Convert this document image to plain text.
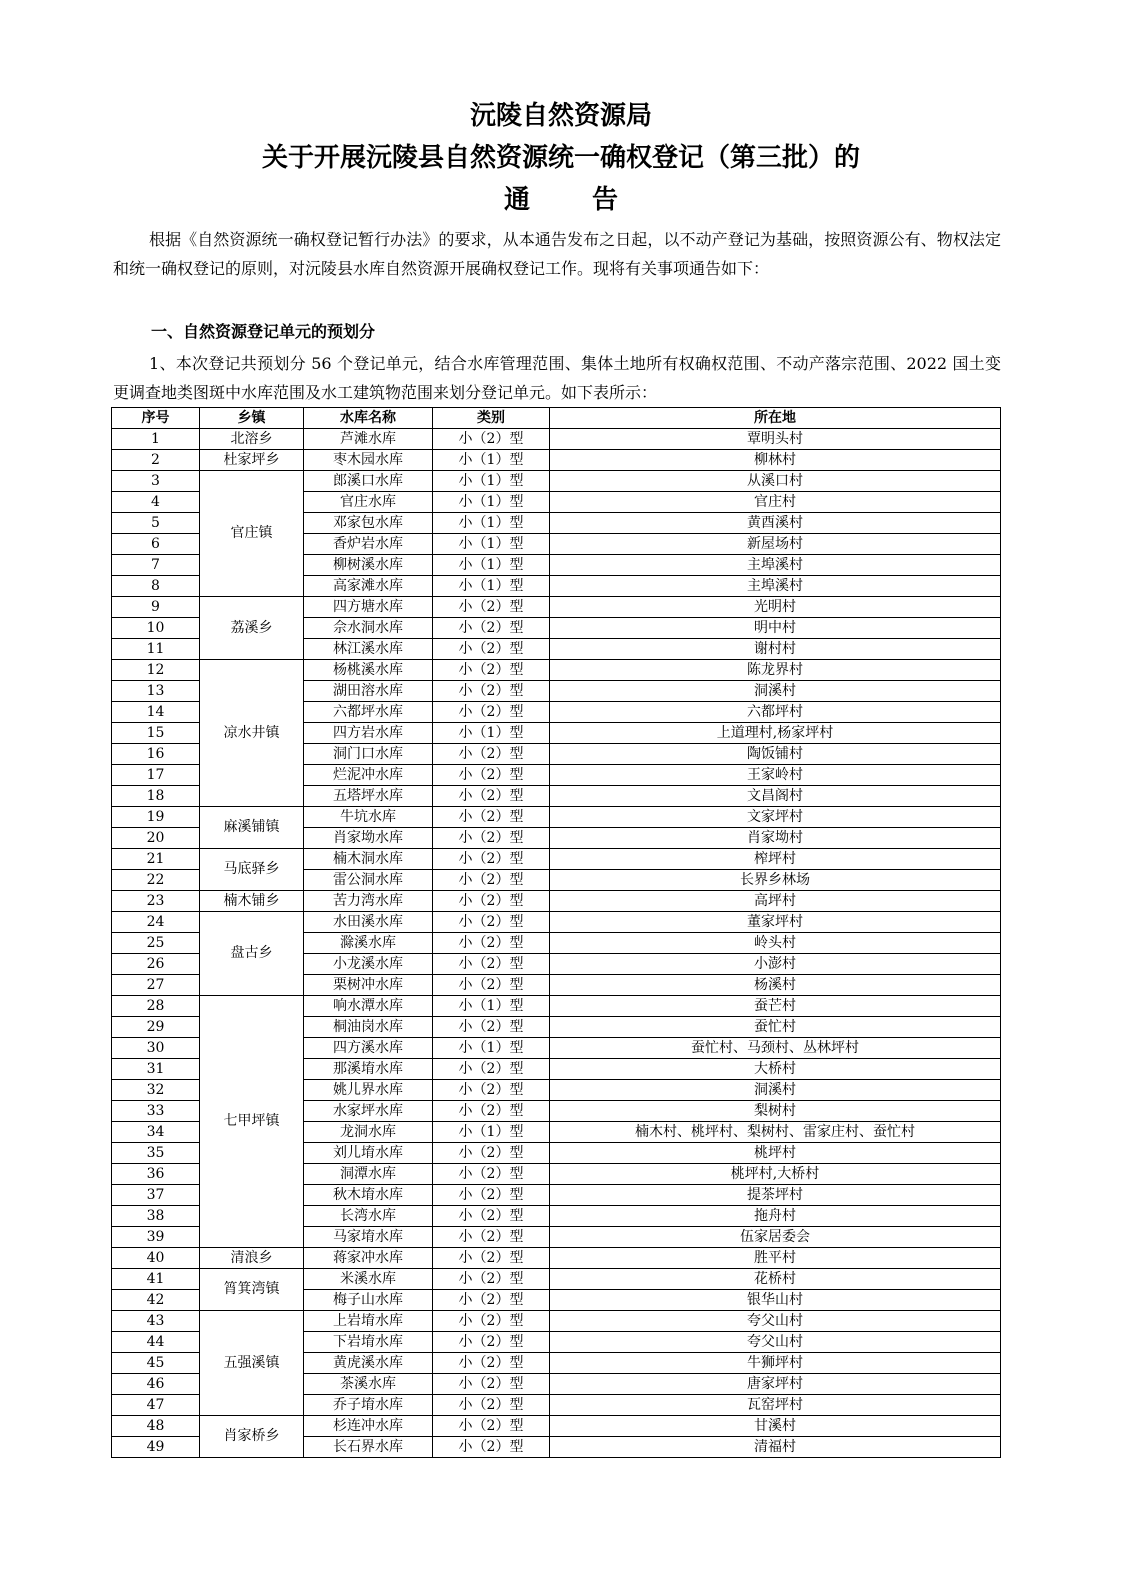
沅陵自然资源局
关于开展沅陵县自然资源统一确权登记（第三批）的
通告

根据《自然资源统一确权登记暂行办法》的要求，从本通告发布之日起，以不动产登记为基础，按照资源公有、物权法定和统一确权登记的原则，对沅陵县水库自然资源开展确权登记工作。现将有关事项通告如下：

一、自然资源登记单元的预划分

1、本次登记共预划分 56 个登记单元，结合水库管理范围、集体土地所有权确权范围、不动产落宗范围、2022 国土变更调查地类图斑中水库范围及水工建筑物范围来划分登记单元。如下表所示：

序号	乡镇	水库名称	类别	所在地
1	北溶乡	芦滩水库	小（2）型	覃明头村
2	杜家坪乡	枣木园水库	小（1）型	柳林村
3	官庄镇	郎溪口水库	小（1）型	从溪口村
4		官庄水库	小（1）型	官庄村
5		邓家包水库	小（1）型	黄酉溪村
6		香炉岩水库	小（1）型	新屋场村
7		柳树溪水库	小（1）型	主埠溪村
8		高家滩水库	小（1）型	主埠溪村
9	荔溪乡	四方塘水库	小（2）型	光明村
10		佘水洞水库	小（2）型	明中村
11		林江溪水库	小（2）型	谢村村
12	凉水井镇	杨桃溪水库	小（2）型	陈龙界村
13		湖田溶水库	小（2）型	洞溪村
14		六都坪水库	小（2）型	六都坪村
15		四方岩水库	小（1）型	上道理村,杨家坪村
16		洞门口水库	小（2）型	陶饭铺村
17		烂泥冲水库	小（2）型	王家岭村
18		五塔坪水库	小（2）型	文昌阁村
19	麻溪铺镇	牛坑水库	小（2）型	文家坪村
20		肖家坳水库	小（2）型	肖家坳村
21	马底驿乡	楠木洞水库	小（2）型	榨坪村
22		雷公洞水库	小（2）型	长界乡林场
23	楠木铺乡	苦力湾水库	小（2）型	高坪村
24	盘古乡	水田溪水库	小（2）型	董家坪村
25		滁溪水库	小（2）型	岭头村
26		小龙溪水库	小（2）型	小澎村
27		栗树冲水库	小（2）型	杨溪村
28	七甲坪镇	响水潭水库	小（1）型	蚕芒村
29		桐油岗水库	小（2）型	蚕忙村
30		四方溪水库	小（1）型	蚕忙村、马颈村、丛林坪村
31		那溪堉水库	小（2）型	大桥村
32		姚儿界水库	小（2）型	洞溪村
33		水家坪水库	小（2）型	梨树村
34		龙洞水库	小（1）型	楠木村、桃坪村、梨树村、雷家庄村、蚕忙村
35		刘儿堉水库	小（2）型	桃坪村
36		洞潭水库	小（2）型	桃坪村,大桥村
37		秋木堉水库	小（2）型	提茶坪村
38		长湾水库	小（2）型	拖舟村
39		马家堉水库	小（2）型	伍家居委会
40	清浪乡	蒋家冲水库	小（2）型	胜平村
41	筲箕湾镇	米溪水库	小（2）型	花桥村
42		梅子山水库	小（2）型	银华山村
43	五强溪镇	上岩堉水库	小（2）型	夸父山村
44		下岩堉水库	小（2）型	夸父山村
45		黄虎溪水库	小（2）型	牛狮坪村
46		茶溪水库	小（2）型	唐家坪村
47		乔子堉水库	小（2）型	瓦窑坪村
48	肖家桥乡	杉连冲水库	小（2）型	甘溪村
49		长石界水库	小（2）型	清福村
